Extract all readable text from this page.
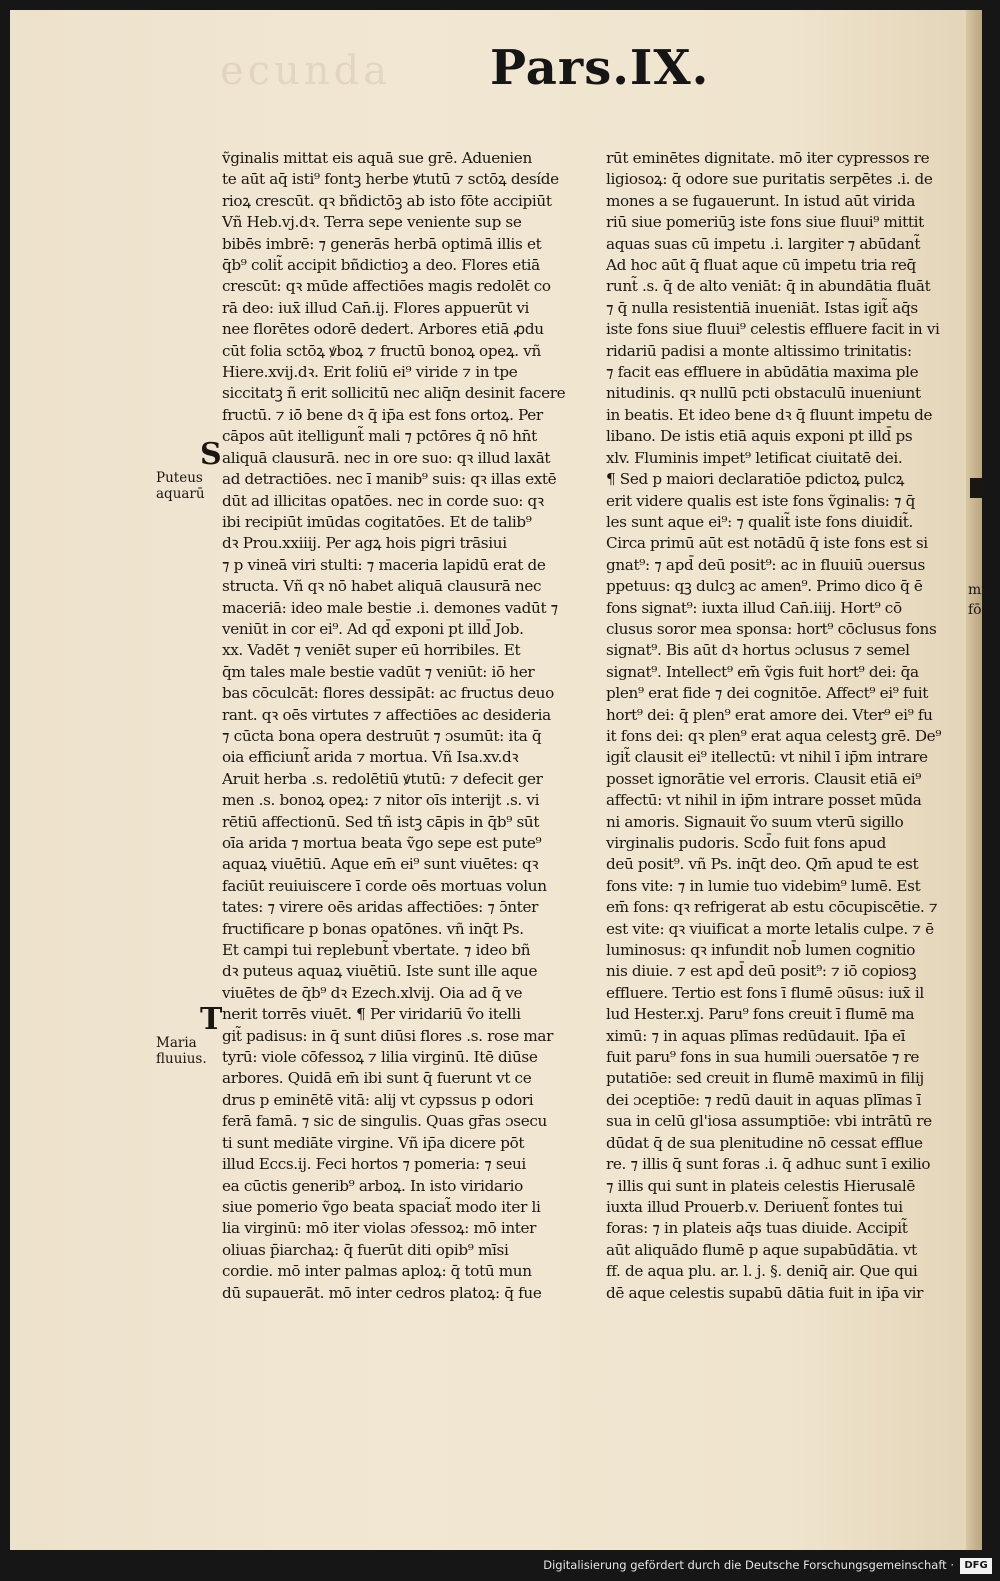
ecunda Pars.IX.
S
Puteus
aquarū
T
Maria
fluuius.
mi
fō
ṽginalis mittat eis aquā sue grē. Aduenien
te aūt aq̄ isti⁹ fontꝫ herbe ꝟtutū ⁊ sctōꝝ desíde
rioꝝ crescūt. qꝛ bñdictōꝫ ab isto fōte accipiūt
Vñ Heb.vj.dꝛ. Terra sepe veniente sup se
bibēs imbrē: ⁊ generās herbā optimā illis et
q̄b⁹ colit̃ accipit bñdictioꝫ a deo. Flores etiā
crescūt: qꝛ mūde affectiōes magis redolēt co
rā deo: iux̄ illud Can̄.ij. Flores appuerūt vi
nee florētes odorē dedert. Arbores etiā ꝓdu
cūt folia sctōꝝ ꝟboꝝ ⁊ fructū bonoꝝ opeꝝ. vñ
Hiere.xvij.dꝛ. Erit foliū ei⁹ viride ⁊ in tpe
siccitatꝫ ñ erit sollicitū nec aliq̄n desinit facere
fructū. ⁊ iō bene dꝛ q̄ ip̄a est fons ortoꝝ. Per
cāpos aūt itelligunt̃ mali ⁊ pctōres q̄ nō hn̄t
aliquā clausurā. nec in ore suo: qꝛ illud laxāt
ad detractiōes. nec ī manib⁹ suis: qꝛ illas extē
dūt ad illicitas opatōes. nec in corde suo: qꝛ
ibi recipiūt imūdas cogitatōes. Et de talib⁹
dꝛ Prou.xxiiij. Per agꝝ hois pigri trāsiui
⁊ p vineā viri stulti: ⁊ maceria lapidū erat de
structa. Vñ qꝛ nō habet aliquā clausurā nec
maceriā: ideo male bestie .i. demones vadūt ⁊
veniūt in cor ei⁹. Ad qd̄ exponi pt illd̄ Job.
xx. Vadēt ⁊ veniēt super eū horribiles. Et
q̄m tales male bestie vadūt ⁊ veniūt: iō her
bas cōculcāt: flores dessipāt: ac fructus deuo
rant. qꝛ oēs virtutes ⁊ affectiōes ac desideria
⁊ cūcta bona opera destruūt ⁊ ɔsumūt: ita q̄
oia efficiunt̃ arida ⁊ mortua. Vñ Isa.xv.dꝛ
Aruit herba .s. redolētiū ꝟtutū: ⁊ defecit ger
men .s. bonoꝝ opeꝝ: ⁊ nitor oīs interijt .s. vi
rētiū affectionū. Sed tñ istꝫ cāpis in q̄b⁹ sūt
oīa arida ⁊ mortua beata ṽgo sepe est pute⁹
aquaꝝ viuētiū. Aque em̄ ei⁹ sunt viuētes: qꝛ
faciūt reuiuiscere ī corde oēs mortuas volun
tates: ⁊ virere oēs aridas affectiōes: ⁊ ɔ̄nter
fructificare p bonas opatōnes. vñ inq̄t Ps.
Et campi tui replebunt̃ vbertate. ⁊ ideo bñ
dꝛ puteus aquaꝝ viuētiū. Iste sunt ille aque
viuētes de q̄b⁹ dꝛ Ezech.xlvij. Oia ad q̄ ve
nerit torrēs viuēt. ¶ Per viridariū ṽo itelli
git̃ padisus: in q̄ sunt diūsi flores .s. rose mar
tyrū: viole cōfessoꝝ ⁊ lilia virginū. Itē diūse
arbores. Quidā em̄ ibi sunt q̄ fuerunt vt ce
drus p eminētē vitā: alij vt cypssus p odori
ferā famā. ⁊ sic de singulis. Quas gr̄as ɔsecu
ti sunt mediāte virgine. Vñ ip̄a dicere pōt
illud Eccs.ij. Feci hortos ⁊ pomeria: ⁊ seui
ea cūctis generib⁹ arboꝝ. In isto viridario
siue pomerio ṽgo beata spaciat̃ modo iter li
lia virginū: mō iter violas ɔfessoꝝ: mō inter
oliuas p̄iarchaꝝ: q̄ fuerūt diti opib⁹ mīsi
cordie. mō inter palmas aploꝝ: q̄ totū mun
dū supauerāt. mō inter cedros platoꝝ: q̄ fue
rūt eminētes dignitate. mō iter cypressos re
ligiosoꝝ: q̄ odore sue puritatis serpētes .i. de
mones a se fugauerunt. In istud aūt virida
riū siue pomeriūꝫ iste fons siue fluui⁹ mittit
aquas suas cū impetu .i. largiter ⁊ abūdant̃
Ad hoc aūt q̄ fluat aque cū impetu tria req̄
runt̃ .s. q̄ de alto veniāt: q̄ in abundātia fluāt
⁊ q̄ nulla resistentiā inueniāt. Istas igit̃ aq̄s
iste fons siue fluui⁹ celestis effluere facit in vi
ridariū padisi a monte altissimo trinitatis:
⁊ facit eas effluere in abūdātia maxima ple
nitudinis. qꝛ nullū pcti obstaculū inueniunt
in beatis. Et ideo bene dꝛ q̄ fluunt impetu de
libano. De istis etiā aquis exponi pt illd̄ ps
xlv. Fluminis impet⁹ letificat ciuitatē dei.
¶ Sed p maiori declaratiōe pdictoꝝ pulcꝝ
erit videre qualis est iste fons ṽginalis: ⁊ q̄
les sunt aque ei⁹: ⁊ qualit̃ iste fons diuidit̃.
Circa primū aūt est notādū q̄ iste fons est si
gnat⁹: ⁊ apd̄ deū posit⁹: ac in fluuiū ɔuersus
ppetuus: qꝫ dulcꝫ ac amen⁹. Primo dico q̄ ē
fons signat⁹: iuxta illud Can̄.iiij. Hort⁹ cō
clusus soror mea sponsa: hort⁹ cōclusus fons
signat⁹. Bis aūt dꝛ hortus ɔclusus ⁊ semel
signat⁹. Intellect⁹ em̄ ṽgis fuit hort⁹ dei: q̄a
plen⁹ erat fide ⁊ dei cognitōe. Affect⁹ ei⁹ fuit
hort⁹ dei: q̄ plen⁹ erat amore dei. Vter⁹ ei⁹ fu
it fons dei: qꝛ plen⁹ erat aqua celestꝫ grē. De⁹
igit̃ clausit ei⁹ itellectū: vt nihil ī ip̄m intrare
posset ignorātie vel erroris. Clausit etiā ei⁹
affectū: vt nihil in ip̄m intrare posset mūda
ni amoris. Signauit ṽo suum vterū sigillo
virginalis pudoris. Scd̄o fuit fons apud
deū posit⁹. vñ Ps. inq̄t deo. Qm̄ apud te est
fons vite: ⁊ in lumie tuo videbim⁹ lumē. Est
em̄ fons: qꝛ refrigerat ab estu cōcupiscētie. ⁊
est vite: qꝛ viuificat a morte letalis culpe. ⁊ ē
luminosus: qꝛ infundit nob̄ lumen cognitio
nis diuie. ⁊ est apd̄ deū posit⁹: ⁊ iō copiosꝫ
effluere. Tertio est fons ī flumē ɔūsus: iux̄ il
lud Hester.xj. Paru⁹ fons creuit ī flumē ma
ximū: ⁊ in aquas plīmas redūdauit. Ip̄a eī
fuit paru⁹ fons in sua humili ɔuersatōe ⁊ re
putatiōe: sed creuit in flumē maximū in filij
dei ɔceptiōe: ⁊ redū dauit in aquas plīmas ī
sua in celū gl'iosa assumptiōe: vbi intrātū re
dūdat q̄ de sua plenitudine nō cessat efflue
re. ⁊ illis q̄ sunt foras .i. q̄ adhuc sunt ī exilio
⁊ illis qui sunt in plateis celestis Hierusalē
iuxta illud Prouerb.v. Deriuent̃ fontes tui
foras: ⁊ in plateis aq̄s tuas diuide. Accipit̃
aūt aliquādo flumē p aque supabūdātia. vt
ff. de aqua plu. ar. l. j. §. deniq̄ air. Que qui
dē aque celestis supabū dātia fuit in ip̄a vir
Digitalisierung gefördert durch die Deutsche Forschungsgemeinschaft ·	DFG
